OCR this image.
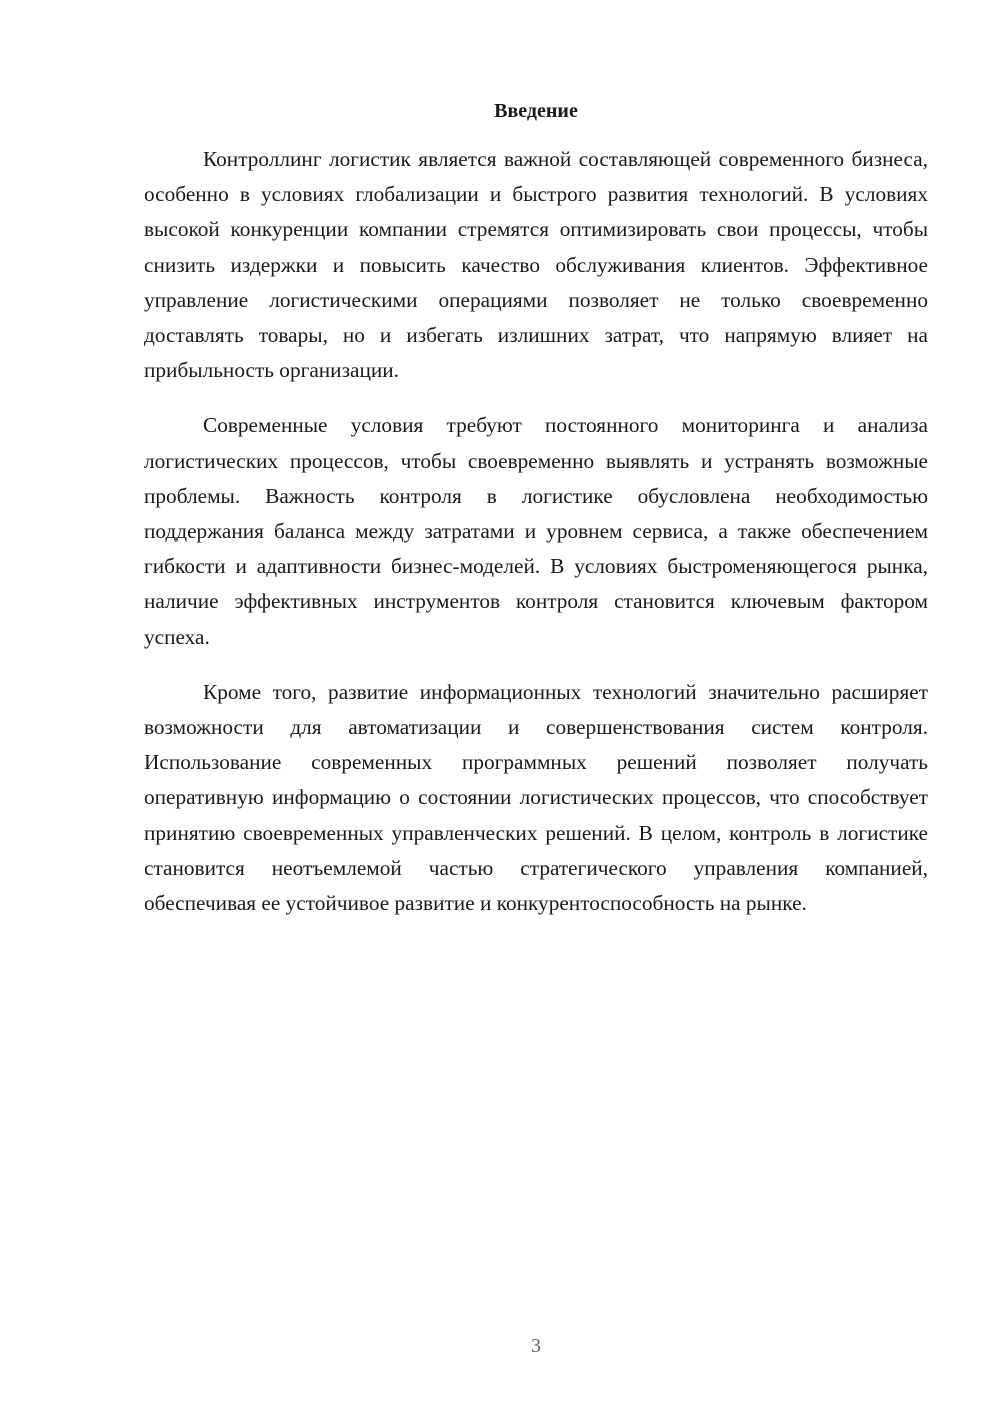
Введение

Контроллинг логистик является важной составляющей современного бизнеса, особенно в условиях глобализации и быстрого развития технологий. В условиях высокой конкуренции компании стремятся оптимизировать свои процессы, чтобы снизить издержки и повысить качество обслуживания клиентов. Эффективное управление логистическими операциями позволяет не только своевременно доставлять товары, но и избегать излишних затрат, что напрямую влияет на прибыльность организации.

Современные условия требуют постоянного мониторинга и анализа логистических процессов, чтобы своевременно выявлять и устранять возможные проблемы. Важность контроля в логистике обусловлена необходимостью поддержания баланса между затратами и уровнем сервиса, а также обеспечением гибкости и адаптивности бизнес-моделей. В условиях быстроменяющегося рынка, наличие эффективных инструментов контроля становится ключевым фактором успеха.

Кроме того, развитие информационных технологий значительно расширяет возможности для автоматизации и совершенствования систем контроля. Использование современных программных решений позволяет получать оперативную информацию о состоянии логистических процессов, что способствует принятию своевременных управленческих решений. В целом, контроль в логистике становится неотъемлемой частью стратегического управления компанией, обеспечивая ее устойчивое развитие и конкурентоспособность на рынке.

3
